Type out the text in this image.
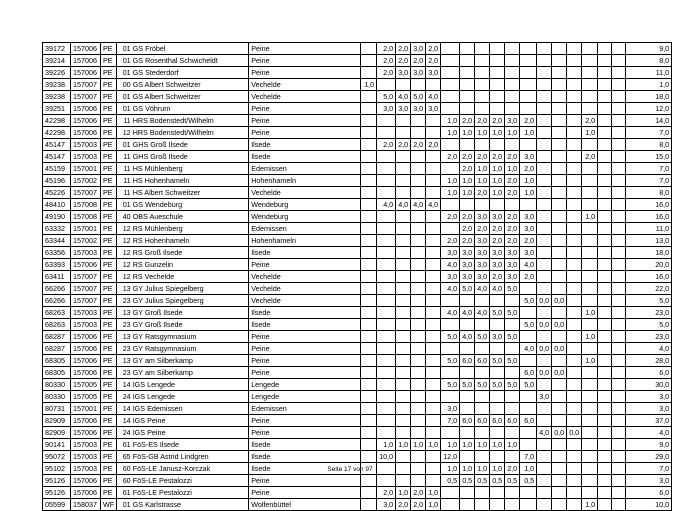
39172	157006	PE	01	GS Fröbel	Peine		2,0	2,0	3,0	2,0													9,0
39214	157006	PE	01	GS Rosenthal Schwicheldt	Peine		2,0	2,0	2,0	2,0													8,0
39226	157006	PE	01	GS Stederdorf	Peine		2,0	3,0	3,0	3,0													11,0
39238	157007	PE	00	GS Albert Schweitzer	Vechelde	1,0																	1,0
39238	157007	PE	01	GS Albert Schweitzer	Vechelde		5,0	4,0	5,0	4,0													18,0
39251	157006	PE	01	GS Vöhrum	Peine		3,0	3,0	3,0	3,0													12,0
42298	157006	PE	11	HRS Bodenstedt/Wilhelm	Peine						1,0	2,0	2,0	2,0	3,0	2,0				2,0			14,0
42298	157006	PE	12	HRS Bodenstedt/Wilhelm	Peine						1,0	1,0	1,0	1,0	1,0	1,0				1,0			7,0
45147	157003	PE	01	GHS Groß Ilsede	Ilsede		2,0	2,0	2,0	2,0													8,0
45147	157003	PE	11	GHS Groß Ilsede	Ilsede						2,0	2,0	2,0	2,0	2,0	3,0				2,0			15,0
45159	157001	PE	11	HS Mühlenberg	Edemissen							2,0	1,0	1,0	1,0	2,0							7,0
45196	157002	PE	11	HS Hohenhameln	Hohenhameln						1,0	1,0	1,0	1,0	2,0	1,0							7,0
45226	157007	PE	11	HS Albert Schweitzer	Vechelde						1,0	1,0	2,0	1,0	2,0	1,0							8,0
48410	157008	PE	01	GS Wendeburg	Wendeburg		4,0	4,0	4,0	4,0													16,0
49190	157008	PE	40	OBS Aueschule	Wendeburg						2,0	2,0	3,0	3,0	2,0	3,0				1,0			16,0
63332	157001	PE	12	RS Mühlenberg	Edemissen							2,0	2,0	2,0	2,0	3,0							11,0
63344	157002	PE	12	RS Hohenhameln	Hohenhameln						2,0	2,0	3,0	2,0	2,0	2,0							13,0
63356	157003	PE	12	RS Groß Ilsede	Ilsede						3,0	3,0	3,0	3,0	3,0	3,0							18,0
63393	157006	PE	12	RS Gunzelin	Peine						4,0	3,0	3,0	3,0	3,0	4,0							20,0
63411	157007	PE	12	RS Vechelde	Vechelde						3,0	3,0	3,0	2,0	3,0	2,0							16,0
66266	157007	PE	13	GY Julius Spiegelberg	Vechelde						4,0	5,0	4,0	4,0	5,0								22,0
66266	157007	PE	23	GY Julius Spiegelberg	Vechelde											5,0	0,0	0,0					5,0
68263	157003	PE	13	GY Groß Ilsede	Ilsede						4,0	4,0	4,0	5,0	5,0					1,0			23,0
68263	157003	PE	23	GY Groß Ilsede	Ilsede											5,0	0,0	0,0					5,0
68287	157006	PE	13	GY Ratsgymnasium	Peine						5,0	4,0	5,0	3,0	5,0					1,0			23,0
68287	157006	PE	23	GY Ratsgymnasium	Peine											4,0	0,0	0,0					4,0
68305	157006	PE	13	GY am Silberkamp	Peine						5,0	6,0	6,0	5,0	5,0					1,0			28,0
68305	157006	PE	23	GY am Silberkamp	Peine											6,0	0,0	0,0					6,0
80330	157005	PE	14	IGS Lengede	Lengede						5,0	5,0	5,0	5,0	5,0	5,0							30,0
80330	157005	PE	24	IGS Lengede	Lengede												3,0						3,0
80731	157001	PE	14	IGS Edemissen	Edemissen						3,0												3,0
82909	157006	PE	14	IGS Peine	Peine						7,0	6,0	6,0	6,0	6,0	6,0							37,0
82909	157006	PE	24	IGS Peine	Peine												4,0	0,0	0,0				4,0
90141	157003	PE	61	FöS-ES Ilsede	Ilsede		1,0	1,0	1,0	1,0	1,0	1,0	1,0	1,0	1,0								9,0
95072	157003	PE	65	FöS-GB Astrid Lindgren	Ilsede		10,0				12,0					7,0							29,0
95102	157003	PE	60	FöS-LE Janusz-Korczak	Ilsede						1,0	1,0	1,0	1,0	2,0	1,0							7,0
95126	157006	PE	60	FöS-LE Pestalozzi	Peine						0,5	0,5	0,5	0,5	0,5	0,5							3,0
95126	157006	PE	61	FöS-LE Pestalozzi	Peine		2,0	1,0	2,0	1,0													6,0
05599	158037	WF	01	GS Karlstrasse	Wolfenbüttel		3,0	2,0	2,0	1,0										1,0			10,0
Seite 17 von 97
